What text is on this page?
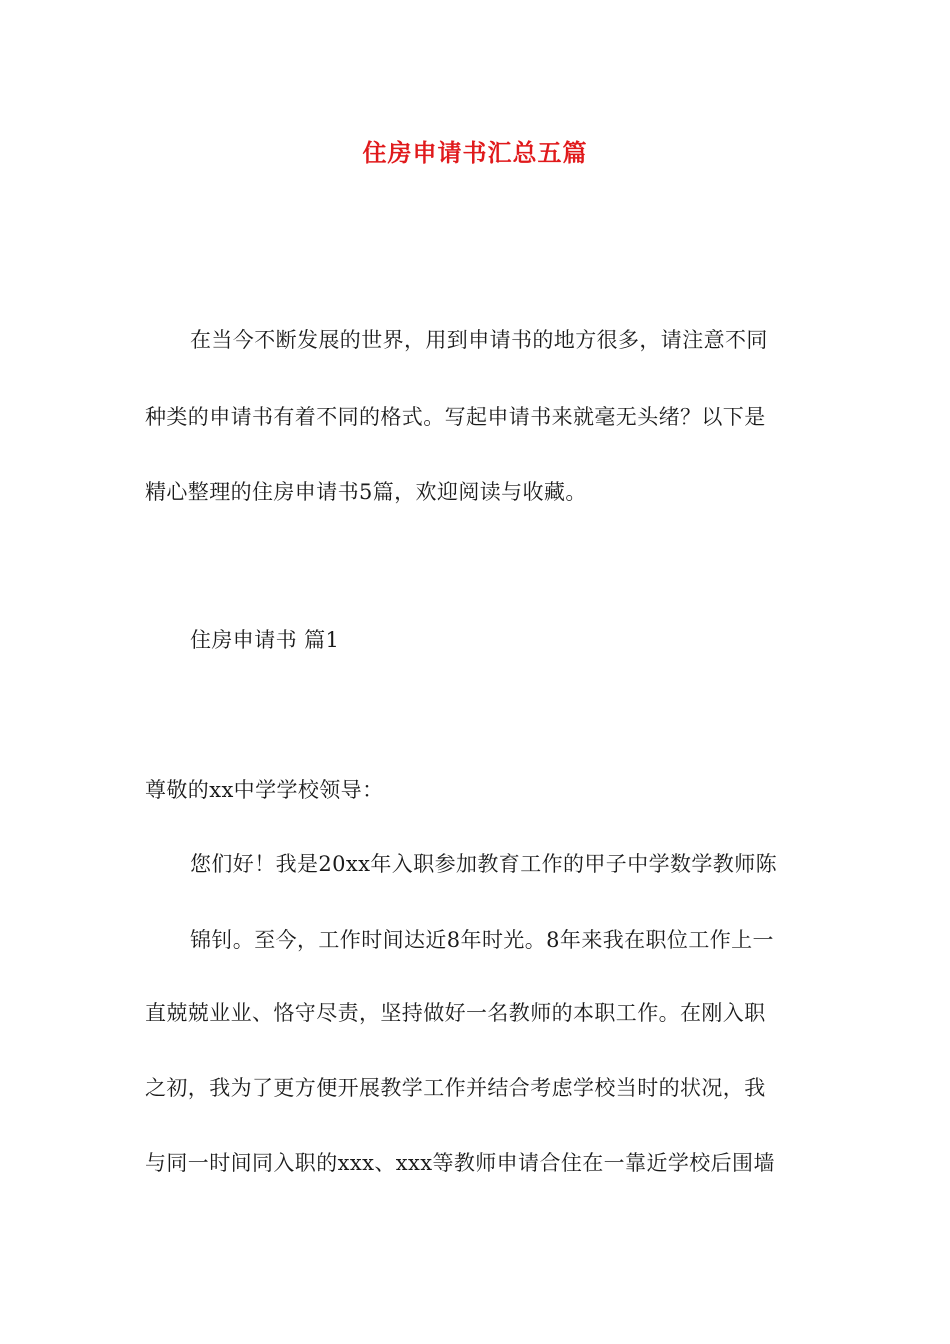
住房申请书汇总五篇
在当今不断发展的世界，用到申请书的地方很多，请注意不同
种类的申请书有着不同的格式。写起申请书来就毫无头绪？以下是
精心整理的住房申请书5篇，欢迎阅读与收藏。
住房申请书 篇1
尊敬的xx中学学校领导：
您们好！我是20xx年入职参加教育工作的甲子中学数学教师陈
锦钊。至今，工作时间达近8年时光。8年来我在职位工作上一
直兢兢业业、恪守尽责，坚持做好一名教师的本职工作。在刚入职
之初，我为了更方便开展教学工作并结合考虑学校当时的状况，我
与同一时间同入职的xxx、xxx等教师申请合住在一靠近学校后围墙
